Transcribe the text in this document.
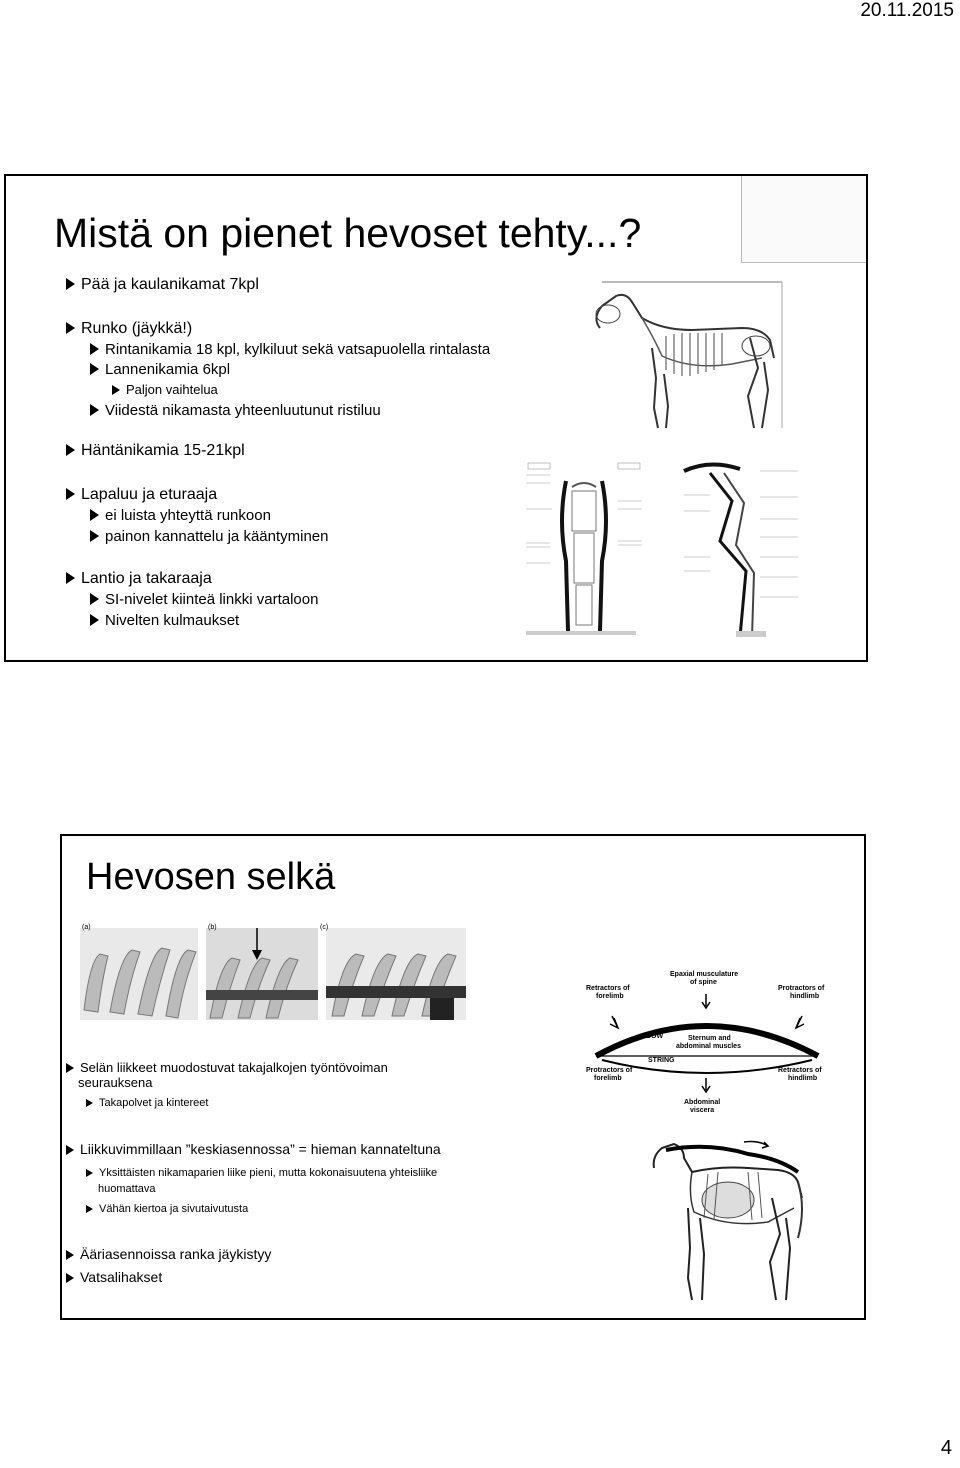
20.11.2015
Mistä on pienet hevoset tehty...?
Pää ja kaulanikamat 7kpl
Runko (jäykkä!)
Rintanikamia 18 kpl, kylkiluut sekä vatsapuolella rintalasta
Lannenikamia 6kpl
Paljon vaihtelua
Viidestä nikamasta yhteenluutunut ristiluu
Häntänikamia 15-21kpl
Lapaluu ja eturaaja
ei luista yhteyttä runkoon
painon kannattelu ja kääntyminen
Lantio ja takaraaja
SI-nivelet kiinteä linkki vartaloon
Nivelten kulmaukset
Hevosen selkä
(a)	(b)	(c)
Epaxial musculature
of spine
Retractors of
forelimb
Protractors of
hindlimb
BOW	Sternum and
abdominal muscles
STRING
Protractors of
forelimb
Retractors of
hindlimb
Abdominal
viscera
Selän liikkeet muodostuvat takajalkojen työntövoiman
seurauksena
Takapolvet ja kintereet
Liikkuvimmillaan ”keskiasennossa” = hieman kannateltuna
Yksittäisten nikamaparien liike pieni, mutta kokonaisuutena yhteisliike
huomattava
Vähän kiertoa ja sivutaivutusta
Ääriasennoissa ranka jäykistyy
Vatsalihakset
4
